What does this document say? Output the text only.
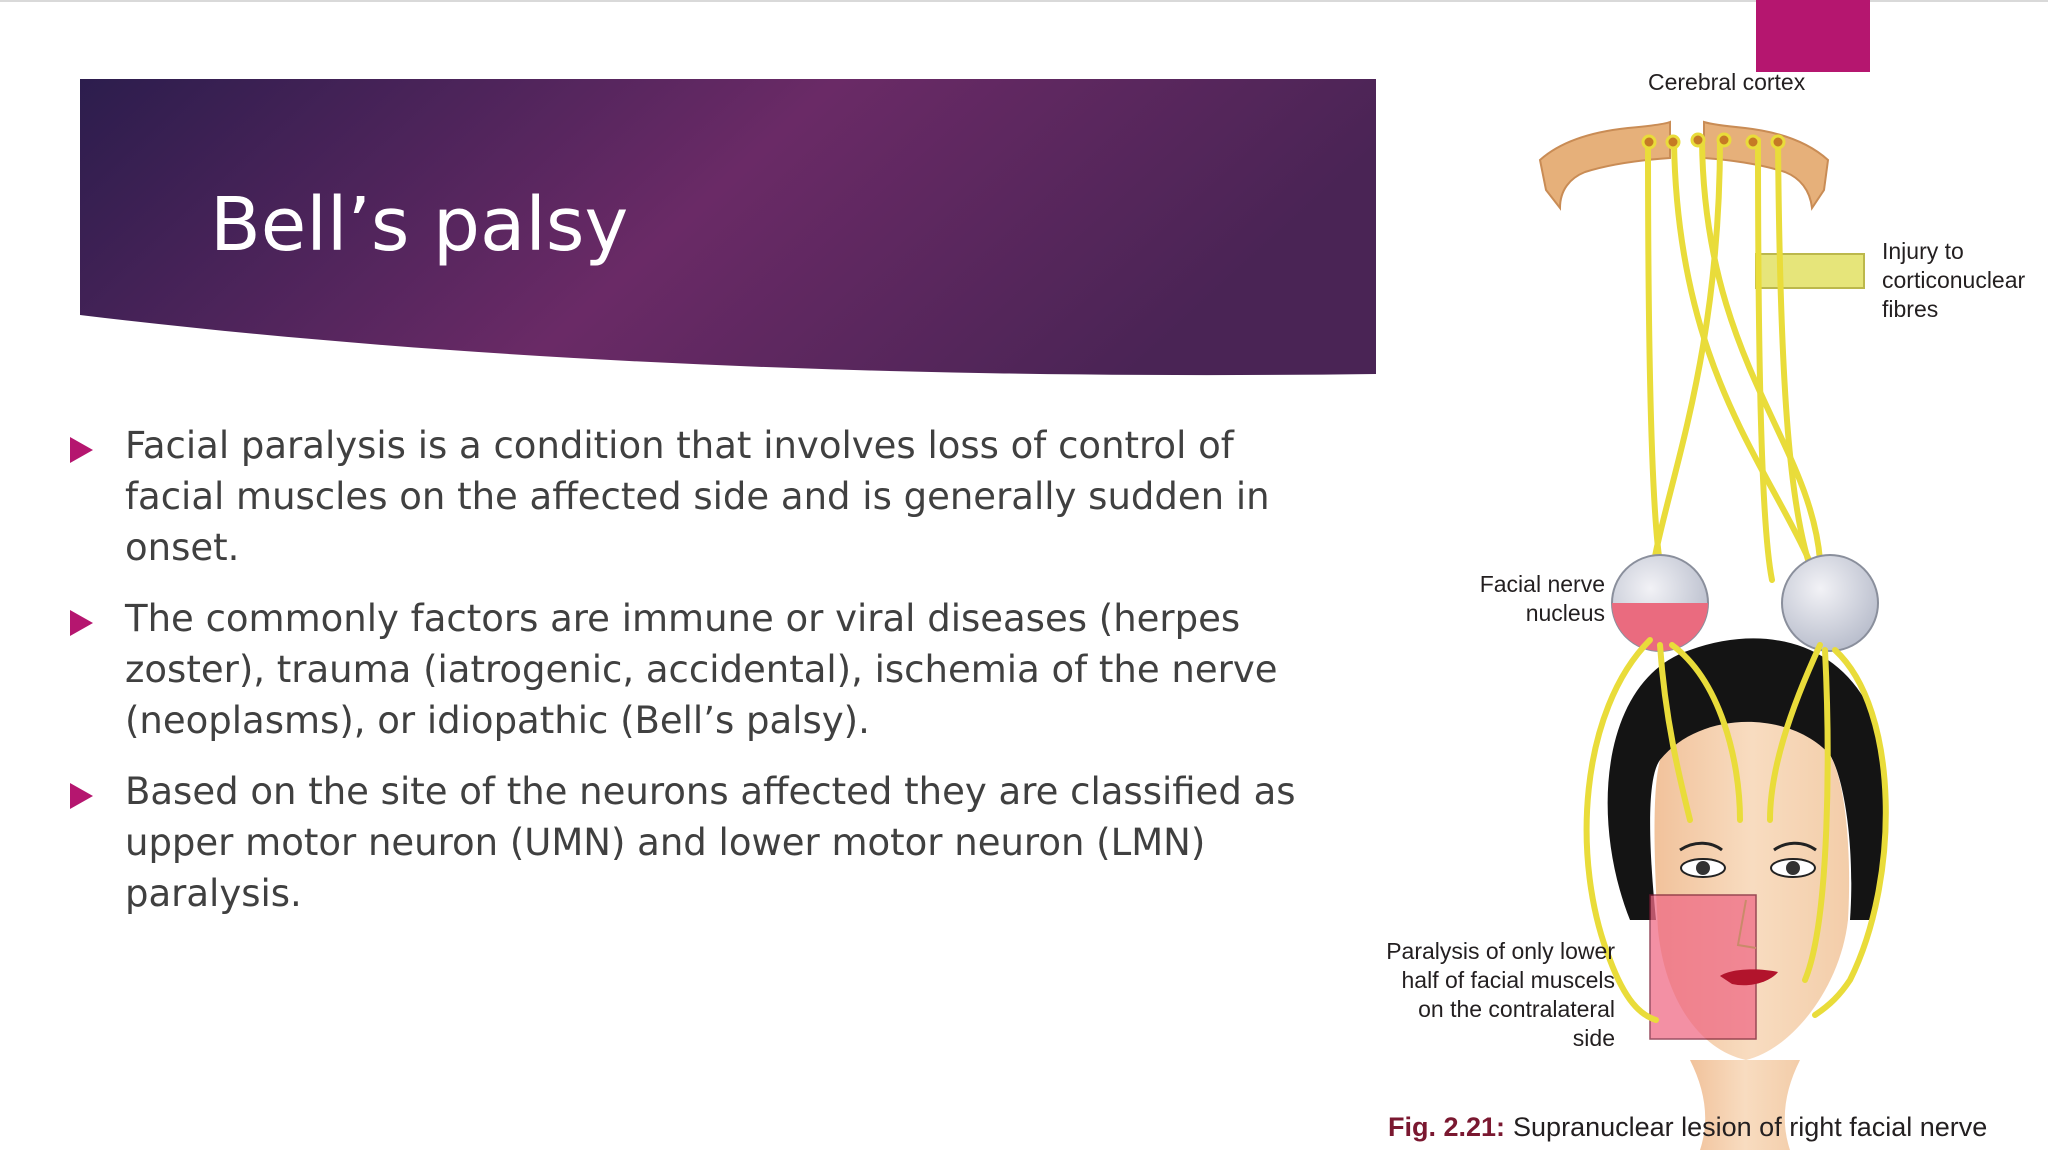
Bell’s palsy
Facial paralysis is a condition that involves loss of control of facial muscles on the affected side and is generally sudden in onset.
The commonly factors are immune or viral diseases (herpes zoster), trauma (iatrogenic, accidental), ischemia of the nerve (neoplasms), or idiopathic (Bell’s palsy).
Based on the site of the neurons affected they are classified as upper motor neuron (UMN) and lower motor neuron (LMN) paralysis.
Cerebral cortex
Injury to
corticonuclear
fibres
Facial nerve
nucleus
Paralysis of only lower
half of facial muscels
on the contralateral
side
Fig. 2.21: Supranuclear lesion of right facial nerve
